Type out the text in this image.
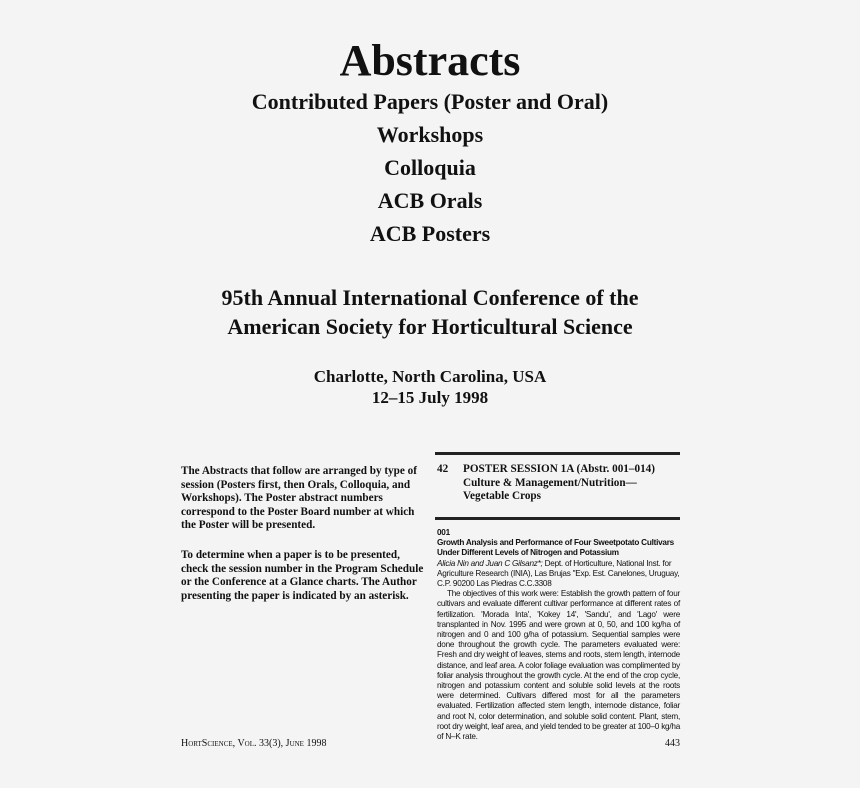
Abstracts
Contributed Papers (Poster and Oral)
Workshops
Colloquia
ACB Orals
ACB Posters
95th Annual International Conference of the
American Society for Horticultural Science
Charlotte, North Carolina, USA
12–15 July 1998
The Abstracts that follow are arranged by type of session (Posters first, then Orals, Colloquia, and Workshops). The Poster abstract numbers correspond to the Poster Board number at which the Poster will be presented.
To determine when a paper is to be presented, check the session number in the Program Schedule or the Conference at a Glance charts. The Author presenting the paper is indicated by an asterisk.
42 POSTER SESSION 1A (Abstr. 001–014)
Culture & Management/Nutrition— Vegetable Crops
001
Growth Analysis and Performance of Four Sweetpotato Cultivars Under Different Levels of Nitrogen and Potassium
Alicia Nin and Juan C Gilsanz*; Dept. of Horticulture, National Inst. for Agriculture Research (INIA), Las Brujas "Exp. Est. Canelones, Uruguay, C.P. 90200 Las Piedras C.C.3308
The objectives of this work were: Establish the growth pattern of four cultivars and evaluate different cultivar performance at different rates of fertilization. 'Morada Inta', 'Kokey 14', 'Sandu', and 'Lago' were transplanted in Nov. 1995 and were grown at 0, 50, and 100 kg/ha of nitrogen and 0 and 100 g/ha of potassium. Sequential samples were done throughout the growth cycle. The parameters evaluated were: Fresh and dry weight of leaves, stems and roots, stem length, internode distance, and leaf area. A color foliage evaluation was complimented by foliar analysis throughout the growth cycle. At the end of the crop cycle, nitrogen and potassium content and soluble solid levels at the roots were determined. Cultivars differed most for all the parameters evaluated. Fertilization affected stem length, internode distance, foliar and root N, color determination, and soluble solid content. Plant, stem, root dry weight, leaf area, and yield tended to be greater at 100–0 kg/ha of N–K rate.
HortScience, Vol. 33(3), June 1998	443
